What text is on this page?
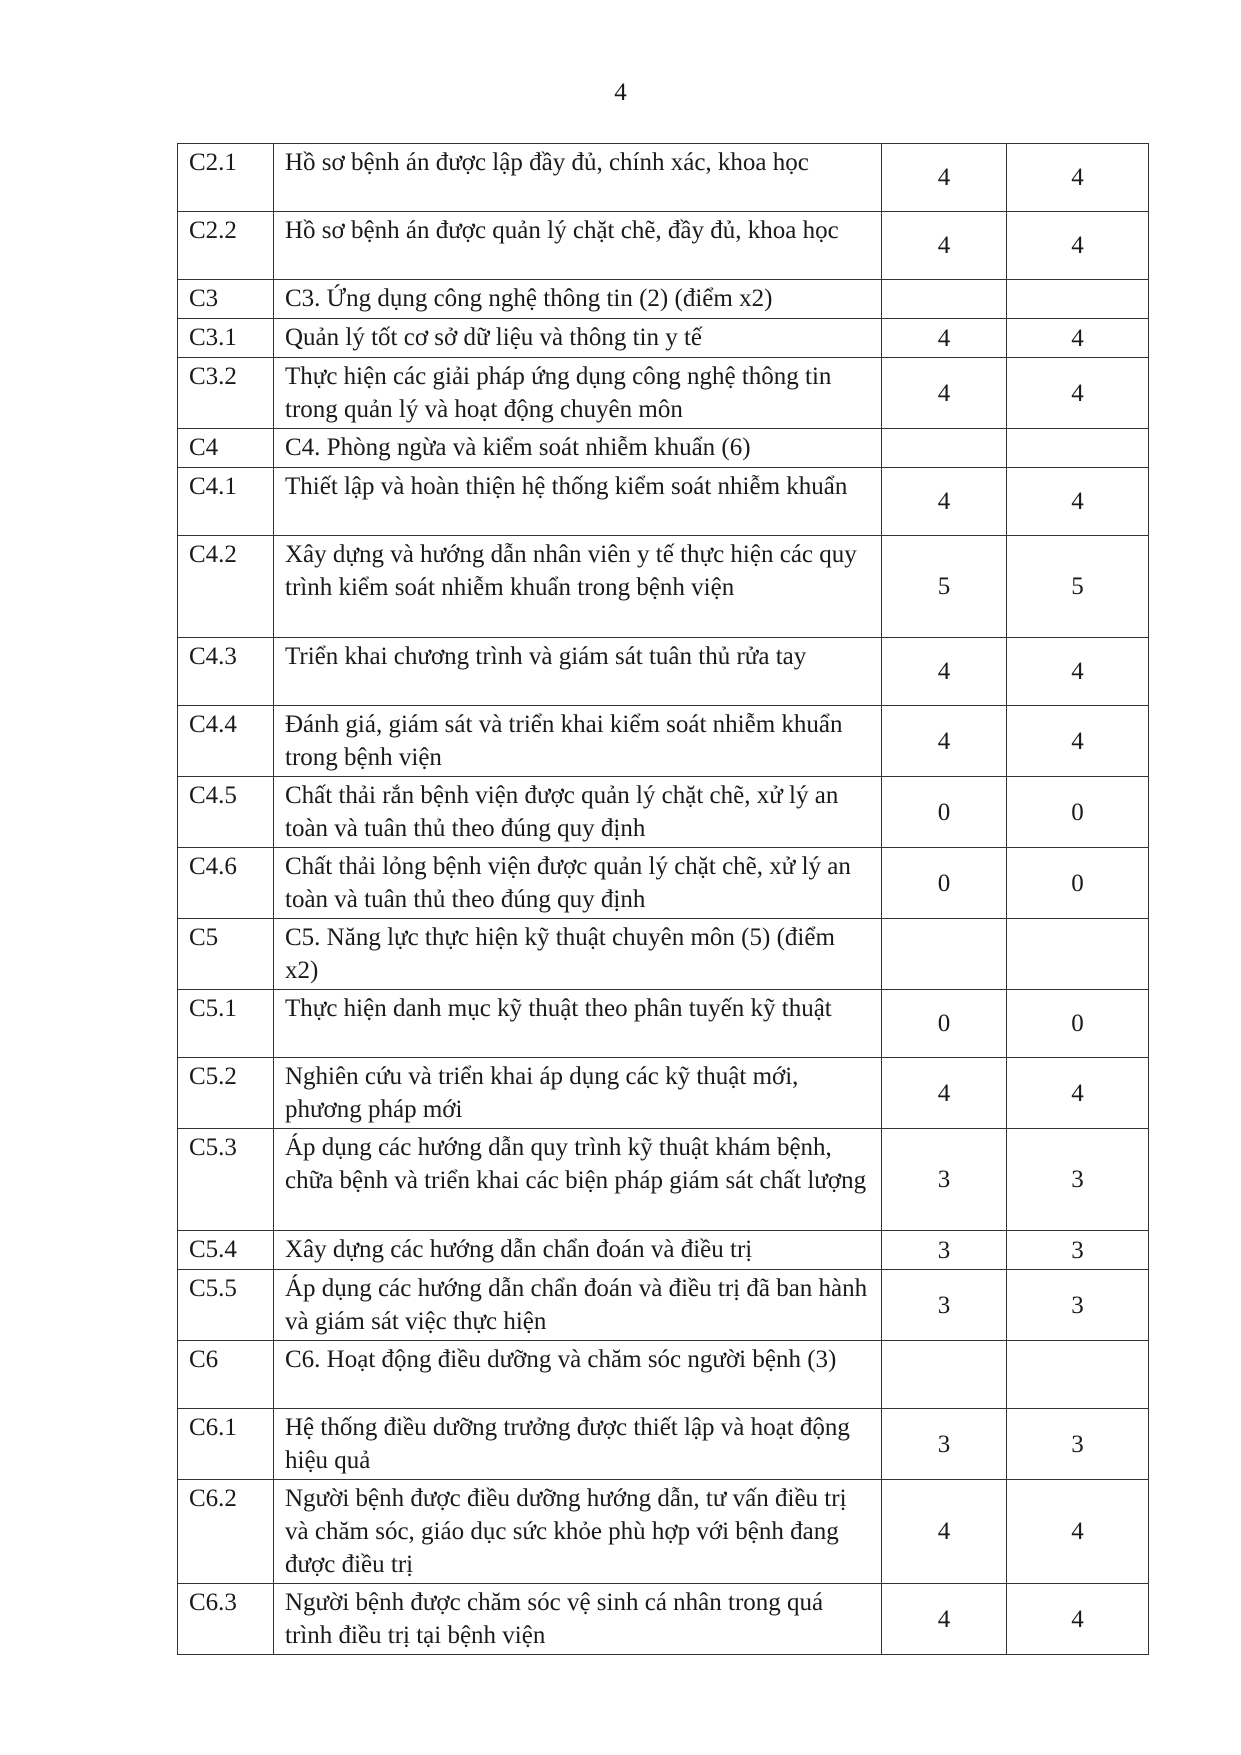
4
C2.1	Hồ sơ bệnh án được lập đầy đủ, chính xác, khoa học	4	4
C2.2	Hồ sơ bệnh án được quản lý chặt chẽ, đầy đủ, khoa học	4	4
C3	C3. Ứng dụng công nghệ thông tin (2) (điểm x2)		
C3.1	Quản lý tốt cơ sở dữ liệu và thông tin y tế	4	4
C3.2	Thực hiện các giải pháp ứng dụng công nghệ thông tin trong quản lý và hoạt động chuyên môn	4	4
C4	C4. Phòng ngừa và kiểm soát nhiễm khuẩn (6)		
C4.1	Thiết lập và hoàn thiện hệ thống kiểm soát nhiễm khuẩn	4	4
C4.2	Xây dựng và hướng dẫn nhân viên y tế thực hiện các quy trình kiểm soát nhiễm khuẩn trong bệnh viện	5	5
C4.3	Triển khai chương trình và giám sát tuân thủ rửa tay	4	4
C4.4	Đánh giá, giám sát và triển khai kiểm soát nhiễm khuẩn trong bệnh viện	4	4
C4.5	Chất thải rắn bệnh viện được quản lý chặt chẽ, xử lý an toàn và tuân thủ theo đúng quy định	0	0
C4.6	Chất thải lỏng bệnh viện được quản lý chặt chẽ, xử lý an toàn và tuân thủ theo đúng quy định	0	0
C5	C5. Năng lực thực hiện kỹ thuật chuyên môn (5) (điểm x2)		
C5.1	Thực hiện danh mục kỹ thuật theo phân tuyến kỹ thuật	0	0
C5.2	Nghiên cứu và triển khai áp dụng các kỹ thuật mới, phương pháp mới	4	4
C5.3	Áp dụng các hướng dẫn quy trình kỹ thuật khám bệnh, chữa bệnh và triển khai các biện pháp giám sát chất lượng	3	3
C5.4	Xây dựng các hướng dẫn chẩn đoán và điều trị	3	3
C5.5	Áp dụng các hướng dẫn chẩn đoán và điều trị đã ban hành và giám sát việc thực hiện	3	3
C6	C6. Hoạt động điều dưỡng và chăm sóc người bệnh (3)		
C6.1	Hệ thống điều dưỡng trưởng được thiết lập và hoạt động hiệu quả	3	3
C6.2	Người bệnh được điều dưỡng hướng dẫn, tư vấn điều trị và chăm sóc, giáo dục sức khỏe phù hợp với bệnh đang được điều trị	4	4
C6.3	Người bệnh được chăm sóc vệ sinh cá nhân trong quá trình điều trị tại bệnh viện	4	4
